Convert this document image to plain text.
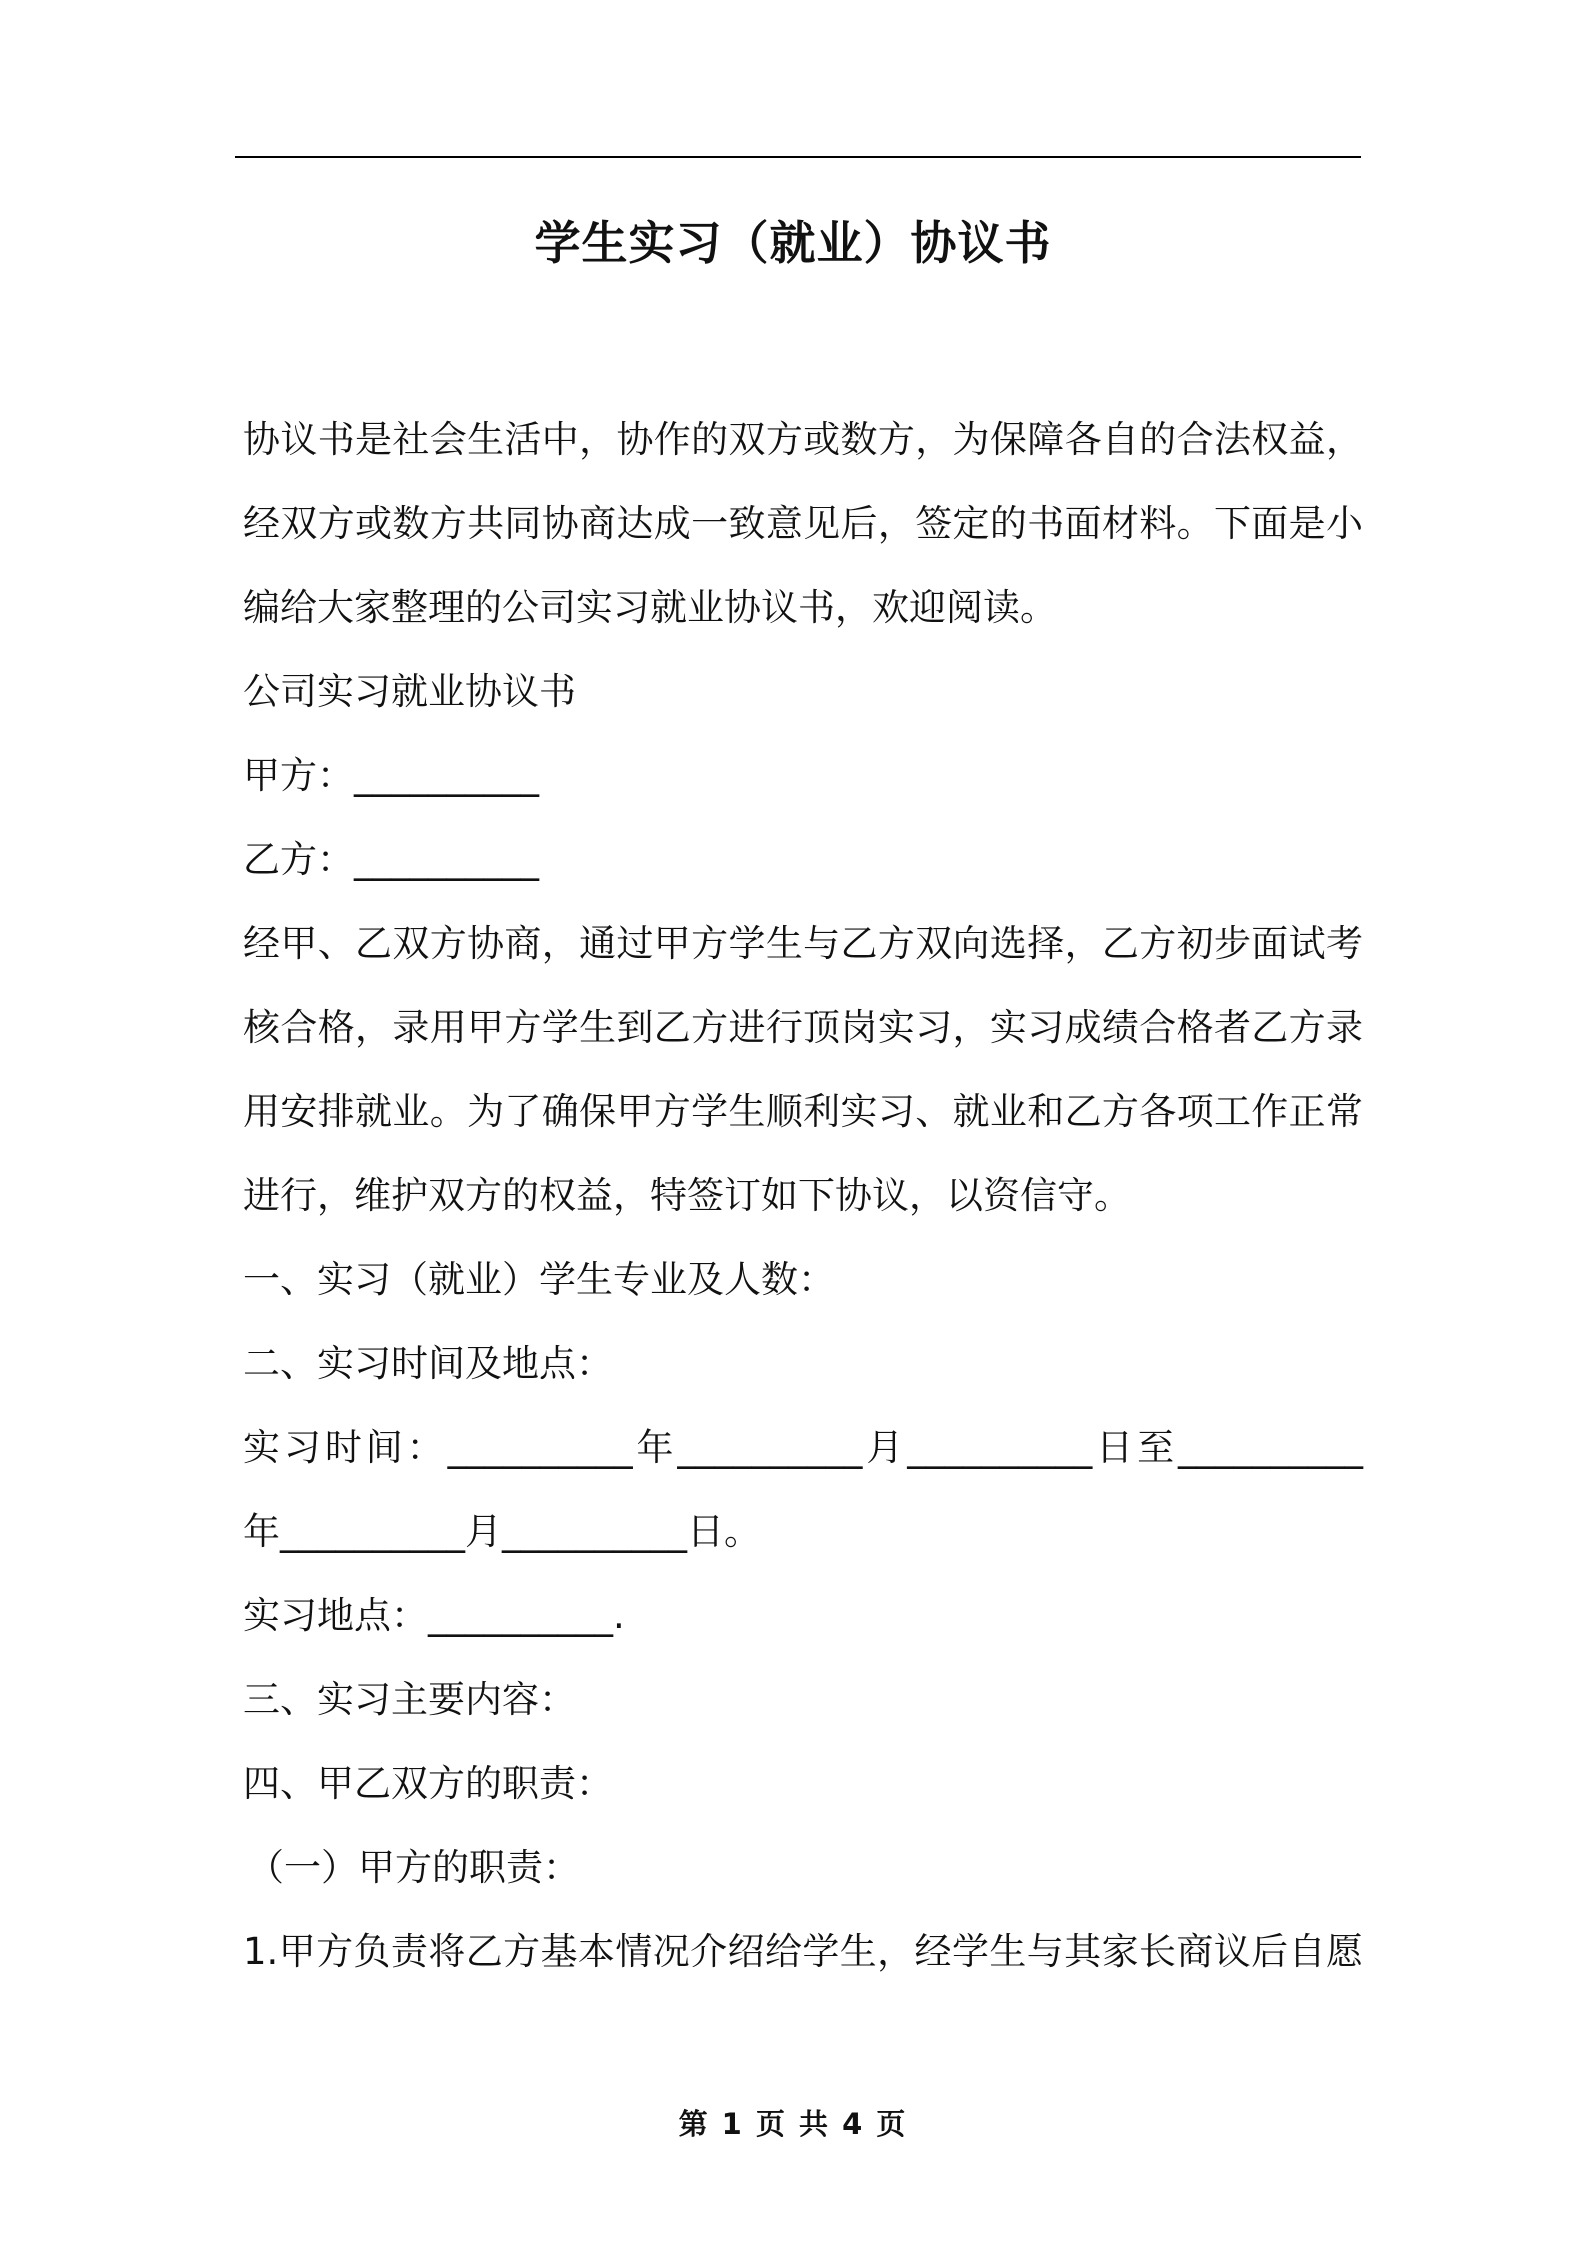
学生实习（就业）协议书
协议书是社会生活中，协作的双方或数方，为保障各自的合法权益，
经双方或数方共同协商达成一致意见后，签定的书面材料。下面是小
编给大家整理的公司实习就业协议书，欢迎阅读。
公司实习就业协议书
甲方：__________
乙方：__________
经甲、乙双方协商，通过甲方学生与乙方双向选择，乙方初步面试考
核合格，录用甲方学生到乙方进行顶岗实习，实习成绩合格者乙方录
用安排就业。为了确保甲方学生顺利实习、就业和乙方各项工作正常
进行，维护双方的权益，特签订如下协议，以资信守。
一、实习（就业）学生专业及人数：
二、实习时间及地点：
实习时间：__________年__________月__________日至__________
年__________月__________日。
实习地点：__________.
三、实习主要内容：
四、甲乙双方的职责：
（一）甲方的职责：
1.甲方负责将乙方基本情况介绍给学生，经学生与其家长商议后自愿
第 1 页 共 4 页
